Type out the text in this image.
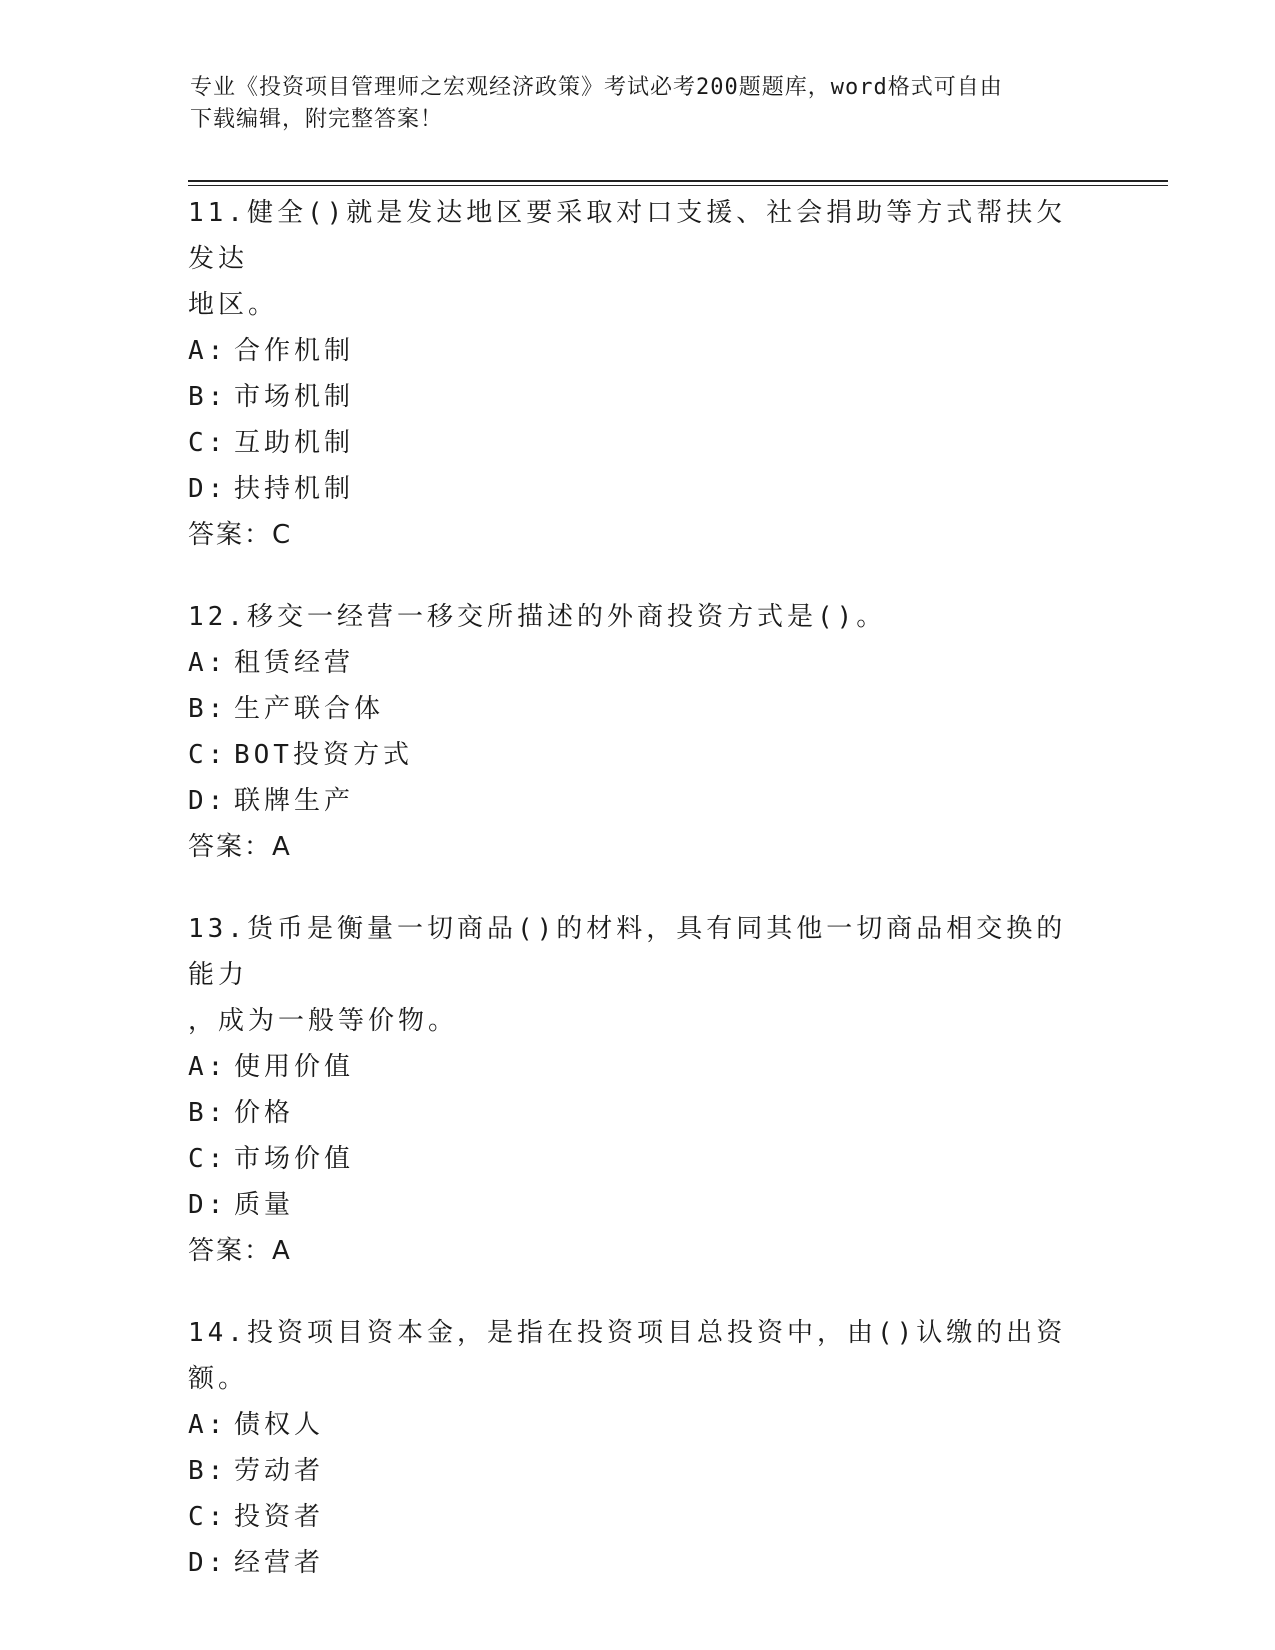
专业《投资项目管理师之宏观经济政策》考试必考200题题库，word格式可自由
下载编辑，附完整答案！

11.健全()就是发达地区要采取对口支援、社会捐助等方式帮扶欠发达
地区。

A: 合作机制

B: 市场机制

C: 互助机制

D: 扶持机制

答案：C

12.移交一经营一移交所描述的外商投资方式是()。

A: 租赁经营

B: 生产联合体

C: BOT投资方式

D: 联牌生产

答案：A

13.货币是衡量一切商品()的材料，具有同其他一切商品相交换的能力
，成为一般等价物。

A: 使用价值

B: 价格

C: 市场价值

D: 质量

答案：A

14.投资项目资本金，是指在投资项目总投资中，由()认缴的出资额。

A: 债权人

B: 劳动者

C: 投资者

D: 经营者
